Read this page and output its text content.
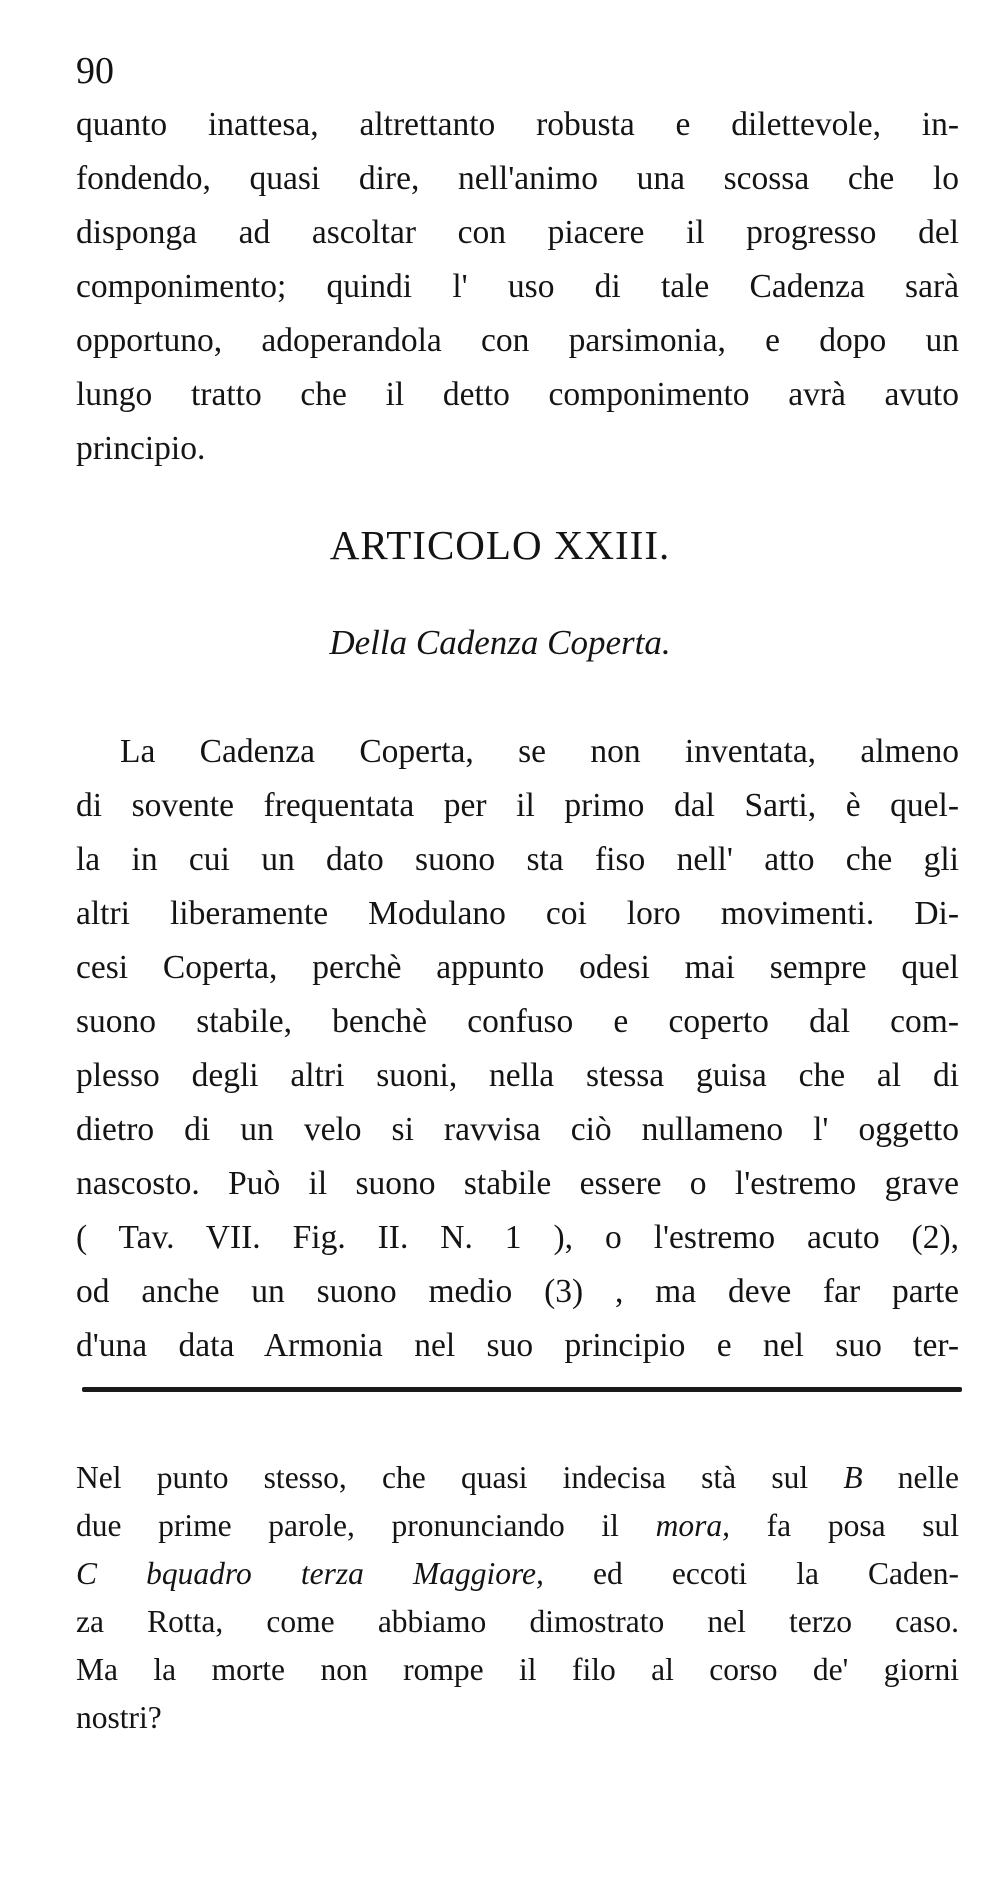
90
quanto inattesa, altrettanto robusta e dilettevole, in-
fondendo, quasi dire, nell'animo una scossa che lo
disponga ad ascoltar con piacere il progresso del
componimento; quindi l' uso di tale Cadenza sarà
opportuno, adoperandola con parsimonia, e dopo un
lungo tratto che il detto componimento avrà avuto
principio.
ARTICOLO XXIII.
Della Cadenza Coperta.
La Cadenza Coperta, se non inventata, almeno
di sovente frequentata per il primo dal Sarti, è quel-
la in cui un dato suono sta fiso nell' atto che gli
altri liberamente Modulano coi loro movimenti. Di-
cesi Coperta, perchè appunto odesi mai sempre quel
suono stabile, benchè confuso e coperto dal com-
plesso degli altri suoni, nella stessa guisa che al di
dietro di un velo si ravvisa ciò nullameno l' oggetto
nascosto. Può il suono stabile essere o l'estremo grave
( Tav. VII. Fig. II. N. 1 ), o l'estremo acuto (2),
od anche un suono medio (3) , ma deve far parte
d'una data Armonia nel suo principio e nel suo ter-
Nel punto stesso, che quasi indecisa stà sul B nelle
due prime parole, pronunciando il mora, fa posa sul
C bquadro terza Maggiore, ed eccoti la Caden-
za Rotta, come abbiamo dimostrato nel terzo caso.
Ma la morte non rompe il filo al corso de' giorni
nostri?
